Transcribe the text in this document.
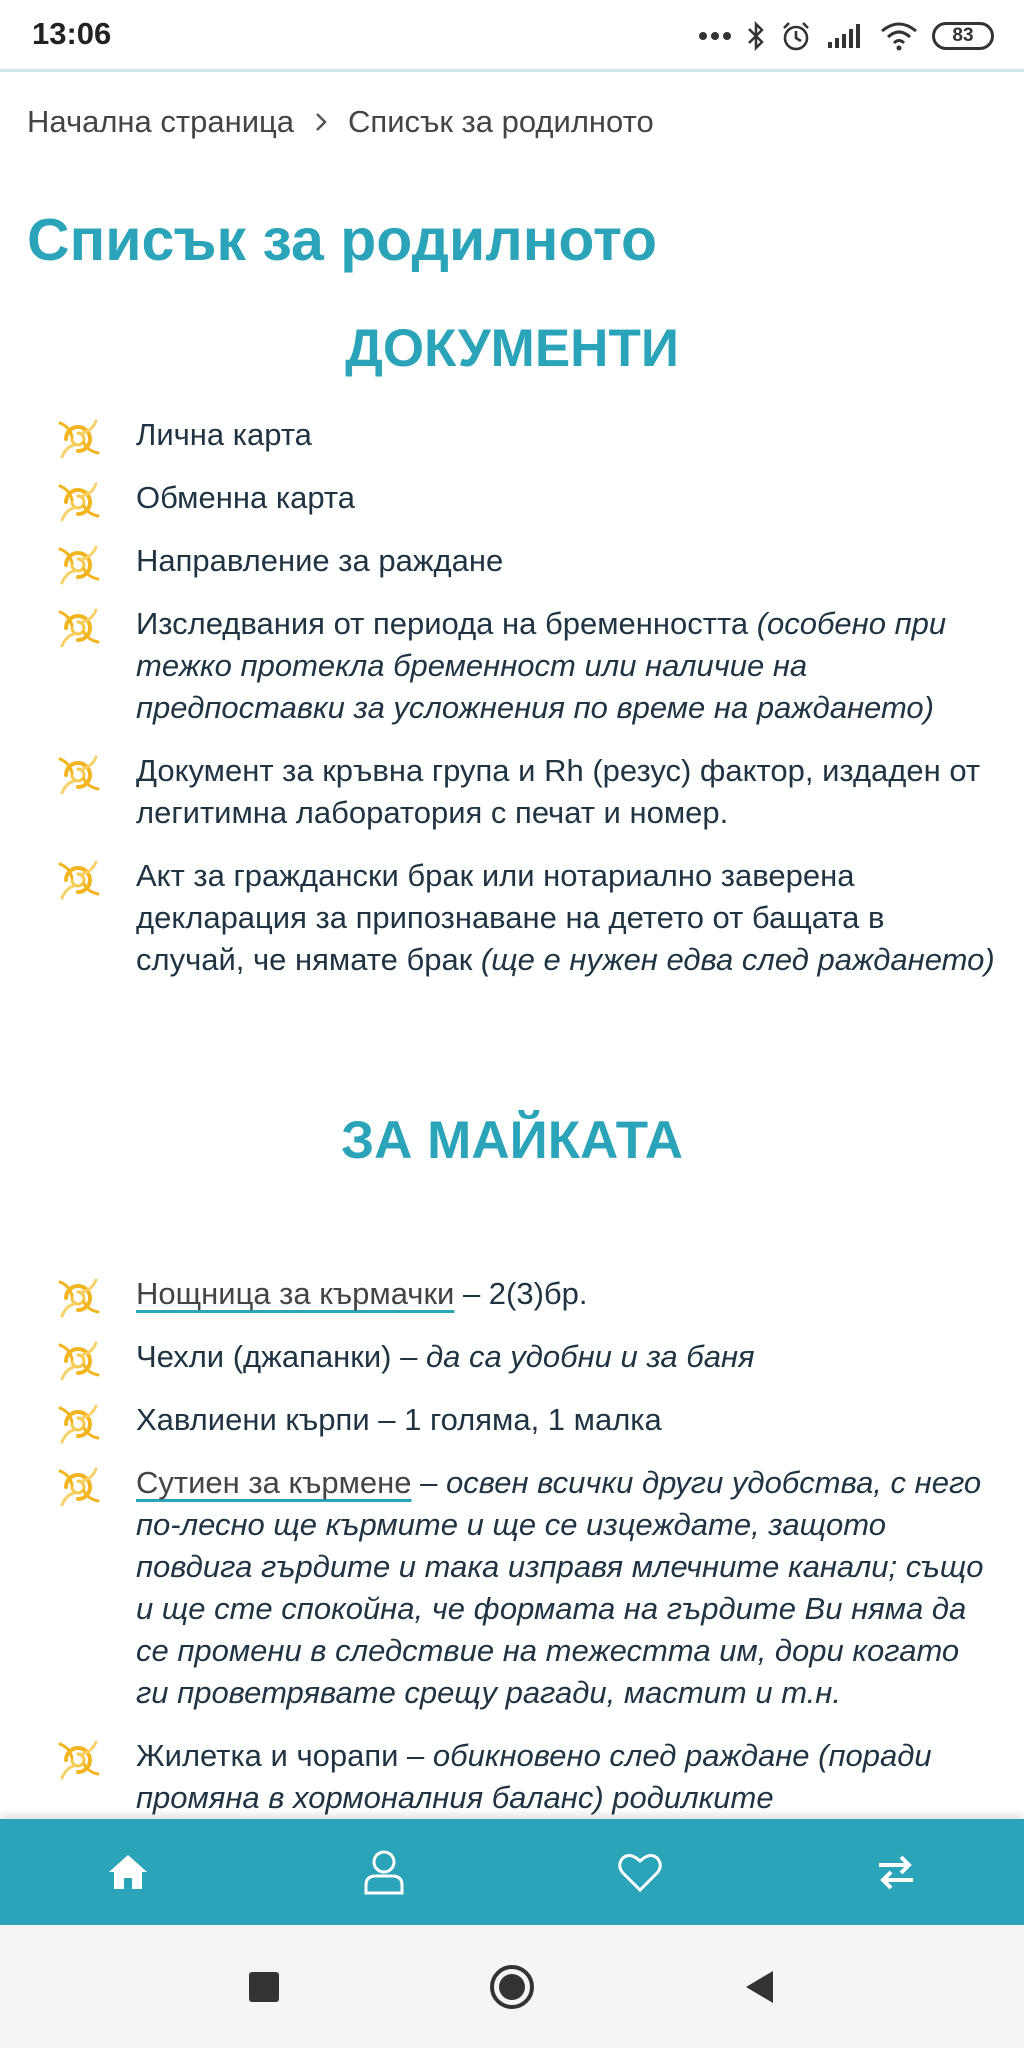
13:06	83
Начална страница Списък за родилното
Списък за родилното
ДОКУМЕНТИ
Лична карта
Обменна карта
Направление за раждане
Изследвания от периода на бременността (особено при тежко протекла бременност или наличие на предпоставки за усложнения по време на раждането)
Документ за кръвна група и Rh (резус) фактор, издаден от легитимна лаборатория с печат и номер.
Акт за граждански брак или нотариално заверена декларация за припознаване на детето от бащата в случай, че нямате брак (ще е нужен едва след раждането)
ЗА МАЙКАТА
Нощница за кърмачки – 2(3)бр.
Чехли (джапанки) – да са удобни и за баня
Хавлиени кърпи – 1 голяма, 1 малка
Сутиен за кърмене – освен всички други удобства, с него по-лесно ще кърмите и ще се изцеждате, защото повдига гърдите и така изправя млечните канали; също и ще сте спокойна, че формата на гърдите Ви няма да се промени в следствие на тежестта им, дори когато ги проветрявате срещу рагади, мастит и т.н.
Жилетка и чорапи – обикновено след раждане (поради промяна в хормоналния баланс) родилките
